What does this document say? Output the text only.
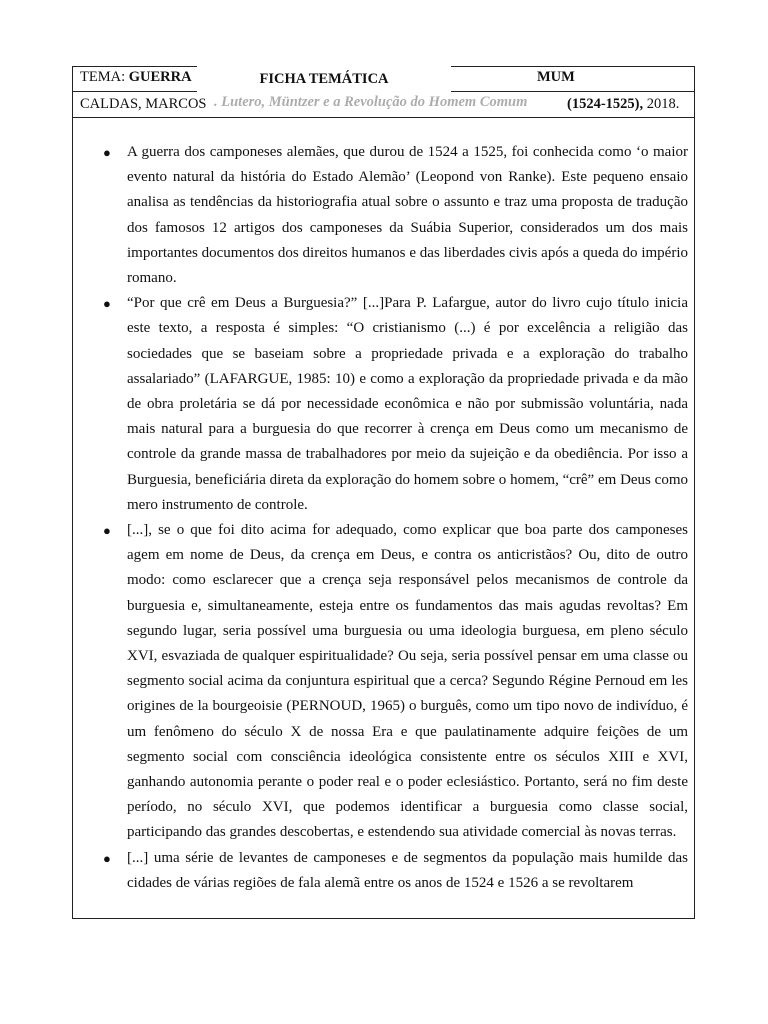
TEMA: GUERRA	MUM
CALDAS, MARCOS . Lutero, Müntzer e a Revolução do Homem Comum	(1524-1525), 2018.

● A guerra dos camponeses alemães, que durou de 1524 a 1525, foi conhecida como ‘o maior evento natural da história do Estado Alemão’ (Leopond von Ranke). Este pequeno ensaio analisa as tendências da historiografia atual sobre o assunto e traz uma proposta de tradução dos famosos 12 artigos dos camponeses da Suábia Superior, considerados um dos mais importantes documentos dos direitos humanos e das liberdades civis após a queda do império romano.

● “Por que crê em Deus a Burguesia?” [...]Para P. Lafargue, autor do livro cujo título inicia este texto, a resposta é simples: “O cristianismo (...) é por excelência a religião das sociedades que se baseiam sobre a propriedade privada e a exploração do trabalho assalariado” (LAFARGUE, 1985: 10) e como a exploração da propriedade privada e da mão de obra proletária se dá por necessidade econômica e não por submissão voluntária, nada mais natural para a burguesia do que recorrer à crença em Deus como um mecanismo de controle da grande massa de trabalhadores por meio da sujeição e da obediência. Por isso a Burguesia, beneficiária direta da exploração do homem sobre o homem, “crê” em Deus como mero instrumento de controle.

● [...], se o que foi dito acima for adequado, como explicar que boa parte dos camponeses agem em nome de Deus, da crença em Deus, e contra os anticristãos? Ou, dito de outro modo: como esclarecer que a crença seja responsável pelos mecanismos de controle da burguesia e, simultaneamente, esteja entre os fundamentos das mais agudas revoltas? Em segundo lugar, seria possível uma burguesia ou uma ideologia burguesa, em pleno século XVI, esvaziada de qualquer espiritualidade? Ou seja, seria possível pensar em uma classe ou segmento social acima da conjuntura espiritual que a cerca? Segundo Régine Pernoud em les origines de la bourgeoisie (PERNOUD, 1965) o burguês, como um tipo novo de indivíduo, é um fenômeno do século X de nossa Era e que paulatinamente adquire feições de um segmento social com consciência ideológica consistente entre os séculos XIII e XVI, ganhando autonomia perante o poder real e o poder eclesiástico. Portanto, será no fim deste período, no século XVI, que podemos identificar a burguesia como classe social, participando das grandes descobertas, e estendendo sua atividade comercial às novas terras.

● [...] uma série de levantes de camponeses e de segmentos da população mais humilde das cidades de várias regiões de fala alemã entre os anos de 1524 e 1526 a se revoltarem

FICHA TEMÁTICA
